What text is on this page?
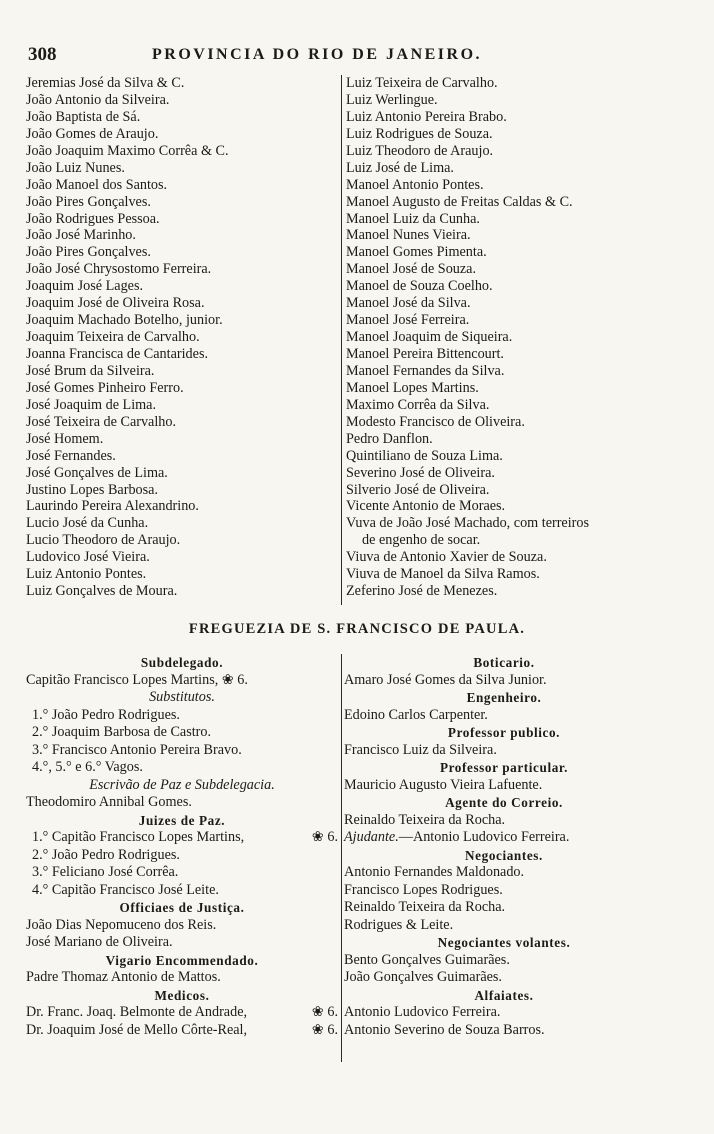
308	PROVINCIA DO RIO DE JANEIRO.
Jeremias José da Silva & C.
João Antonio da Silveira.
João Baptista de Sá.
João Gomes de Araujo.
João Joaquim Maximo Corrêa & C.
João Luiz Nunes.
João Manoel dos Santos.
João Pires Gonçalves.
João Rodrigues Pessoa.
João José Marinho.
João Pires Gonçalves.
João José Chrysostomo Ferreira.
Joaquim José Lages.
Joaquim José de Oliveira Rosa.
Joaquim Machado Botelho, junior.
Joaquim Teixeira de Carvalho.
Joanna Francisca de Cantarides.
José Brum da Silveira.
José Gomes Pinheiro Ferro.
José Joaquim de Lima.
José Teixeira de Carvalho.
José Homem.
José Fernandes.
José Gonçalves de Lima.
Justino Lopes Barbosa.
Laurindo Pereira Alexandrino.
Lucio José da Cunha.
Lucio Theodoro de Araujo.
Ludovico José Vieira.
Luiz Antonio Pontes.
Luiz Gonçalves de Moura.
Luiz Teixeira de Carvalho.
Luiz Werlingue.
Luiz Antonio Pereira Brabo.
Luiz Rodrigues de Souza.
Luiz Theodoro de Araujo.
Luiz José de Lima.
Manoel Antonio Pontes.
Manoel Augusto de Freitas Caldas & C.
Manoel Luiz da Cunha.
Manoel Nunes Vieira.
Manoel Gomes Pimenta.
Manoel José de Souza.
Manoel de Souza Coelho.
Manoel José da Silva.
Manoel José Ferreira.
Manoel Joaquim de Siqueira.
Manoel Pereira Bittencourt.
Manoel Fernandes da Silva.
Manoel Lopes Martins.
Maximo Corrêa da Silva.
Modesto Francisco de Oliveira.
Pedro Danflon.
Quintiliano de Souza Lima.
Severino José de Oliveira.
Silverio José de Oliveira.
Vicente Antonio de Moraes.
Vuva de João José Machado, com terreiros
de engenho de socar.
Viuva de Antonio Xavier de Souza.
Viuva de Manoel da Silva Ramos.
Zeferino José de Menezes.
FREGUEZIA DE S. FRANCISCO DE PAULA.
Subdelegado.
Capitão Francisco Lopes Martins, ❀ 6.
Substitutos.
1.° João Pedro Rodrigues.
2.° Joaquim Barbosa de Castro.
3.° Francisco Antonio Pereira Bravo.
4.°, 5.° e 6.° Vagos.
Escrivão de Paz e Subdelegacia.
Theodomiro Annibal Gomes.
Juizes de Paz.
1.° Capitão Francisco Lopes Martins,	❀ 6.
2.° João Pedro Rodrigues.
3.° Feliciano José Corrêa.
4.° Capitão Francisco José Leite.
Officiaes de Justiça.
João Dias Nepomuceno dos Reis.
José Mariano de Oliveira.
Vigario Encommendado.
Padre Thomaz Antonio de Mattos.
Medicos.
Dr. Franc. Joaq. Belmonte de Andrade,	❀ 6.
Dr. Joaquim José de Mello Côrte-Real,	❀ 6.
Boticario.
Amaro José Gomes da Silva Junior.
Engenheiro.
Edoino Carlos Carpenter.
Professor publico.
Francisco Luiz da Silveira.
Professor particular.
Mauricio Augusto Vieira Lafuente.
Agente do Correio.
Reinaldo Teixeira da Rocha.
Ajudante.—Antonio Ludovico Ferreira.
Negociantes.
Antonio Fernandes Maldonado.
Francisco Lopes Rodrigues.
Reinaldo Teixeira da Rocha.
Rodrigues & Leite.
Negociantes volantes.
Bento Gonçalves Guimarães.
João Gonçalves Guimarães.
Alfaiates.
Antonio Ludovico Ferreira.
Antonio Severino de Souza Barros.
